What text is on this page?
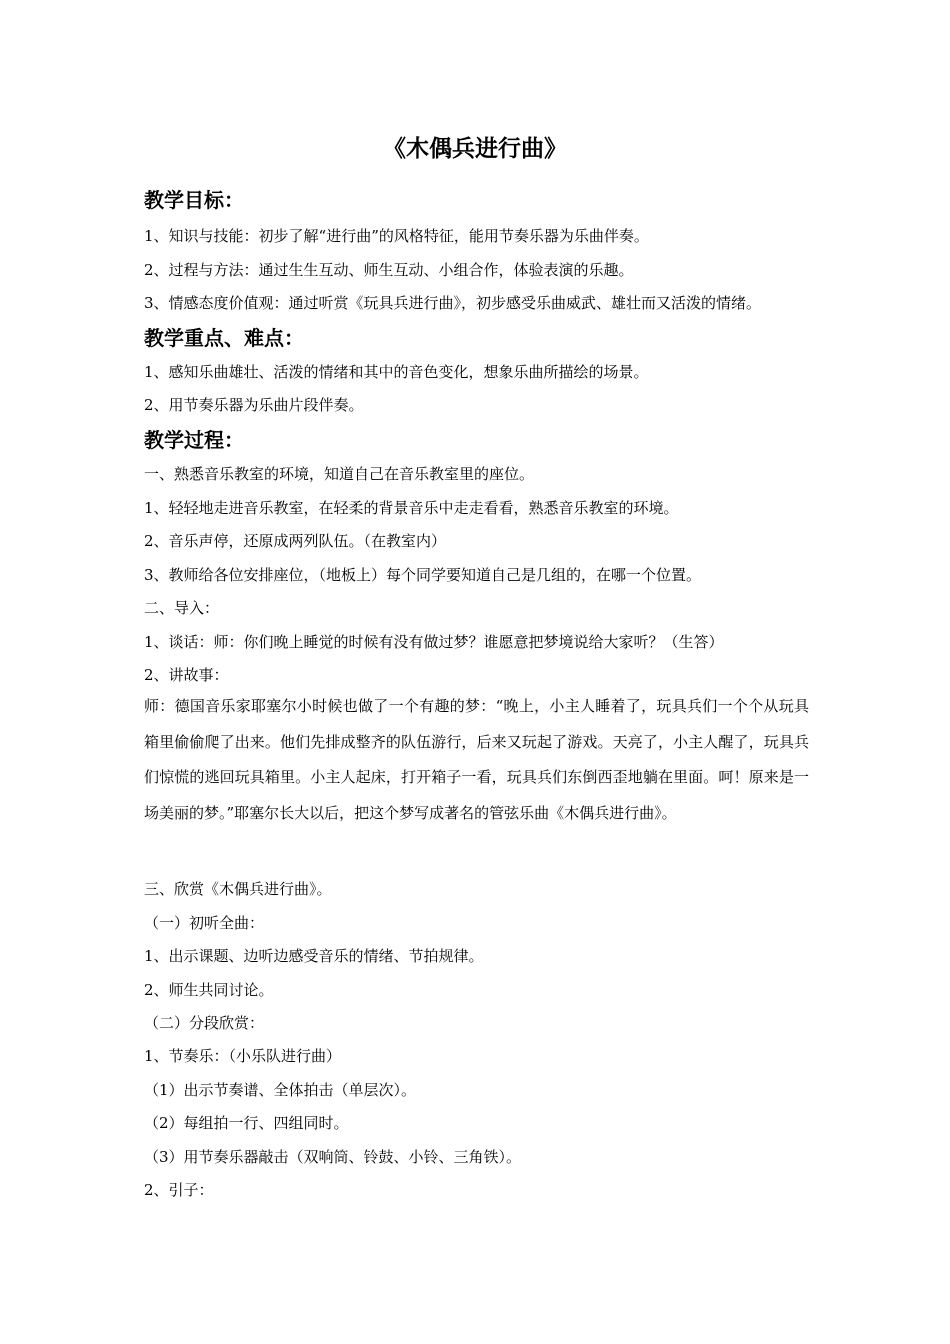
《木偶兵进行曲》
教学目标：

1、知识与技能：初步了解“进行曲”的风格特征，能用节奏乐器为乐曲伴奏。

2、过程与方法：通过生生互动、师生互动、小组合作，体验表演的乐趣。

3、情感态度价值观：通过听赏《玩具兵进行曲》，初步感受乐曲威武、雄壮而又活泼的情绪。

教学重点、难点：

1、感知乐曲雄壮、活泼的情绪和其中的音色变化，想象乐曲所描绘的场景。

2、用节奏乐器为乐曲片段伴奏。

教学过程：

一、熟悉音乐教室的环境，知道自己在音乐教室里的座位。

1、轻轻地走进音乐教室，在轻柔的背景音乐中走走看看，熟悉音乐教室的环境。

2、音乐声停，还原成两列队伍。（在教室内）

3、教师给各位安排座位，（地板上）每个同学要知道自己是几组的，在哪一个位置。

二、导入：

1、谈话：师：你们晚上睡觉的时候有没有做过梦？谁愿意把梦境说给大家听？（生答）

2、讲故事：

师：德国音乐家耶塞尔小时候也做了一个有趣的梦：“晚上，小主人睡着了，玩具兵们一个个从玩具箱里偷偷爬了出来。他们先排成整齐的队伍游行，后来又玩起了游戏。天亮了，小主人醒了，玩具兵们惊慌的逃回玩具箱里。小主人起床，打开箱子一看，玩具兵们东倒西歪地躺在里面。呵！原来是一场美丽的梦。”耶塞尔长大以后，把这个梦写成著名的管弦乐曲《木偶兵进行曲》。

三、欣赏《木偶兵进行曲》。

（一）初听全曲：

1、出示课题、边听边感受音乐的情绪、节拍规律。

2、师生共同讨论。

（二）分段欣赏：

1、节奏乐：（小乐队进行曲）

（1）出示节奏谱、全体拍击（单层次）。

（2）每组拍一行、四组同时。

（3）用节奏乐器敲击（双响筒、铃鼓、小铃、三角铁）。

2、引子：
